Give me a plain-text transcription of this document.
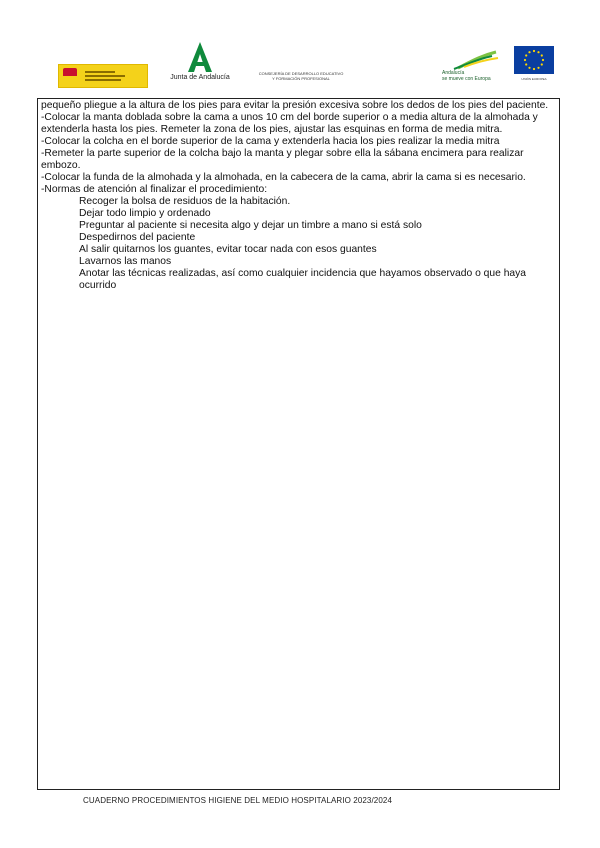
Junta de Andalucía
CONSEJERÍA DE DESARROLLO EDUCATIVO
Y FORMACIÓN PROFESIONAL
Andalucía
se mueve con Europa	UNIÓN EUROPEA

pequeño pliegue a la altura de los pies para evitar la presión excesiva sobre los dedos de los pies del paciente.

-Colocar la manta doblada sobre la cama a unos 10 cm del borde superior o a media altura de la almohada y extenderla hasta los pies. Remeter la zona de los pies, ajustar las esquinas en forma de media mitra.

-Colocar la colcha en el borde superior de la cama y extenderla hacia los pies realizar la media mitra

-Remeter la parte superior de la colcha bajo la manta y plegar sobre ella la sábana encimera para realizar embozo.

-Colocar la funda de la almohada y la almohada, en la cabecera de la cama, abrir la cama si es necesario.

-Normas de atención al finalizar el procedimiento:

Recoger la bolsa de residuos de la habitación.
Dejar todo limpio y ordenado
Preguntar al paciente si necesita algo y dejar un timbre a mano si está solo
Despedirnos del paciente
Al salir quitarnos los guantes, evitar tocar nada con esos guantes
Lavarnos las manos
Anotar las técnicas realizadas, así como cualquier incidencia que hayamos observado o que haya ocurrido
CUADERNO PROCEDIMIENTOS HIGIENE DEL MEDIO HOSPITALARIO 2023/2024
